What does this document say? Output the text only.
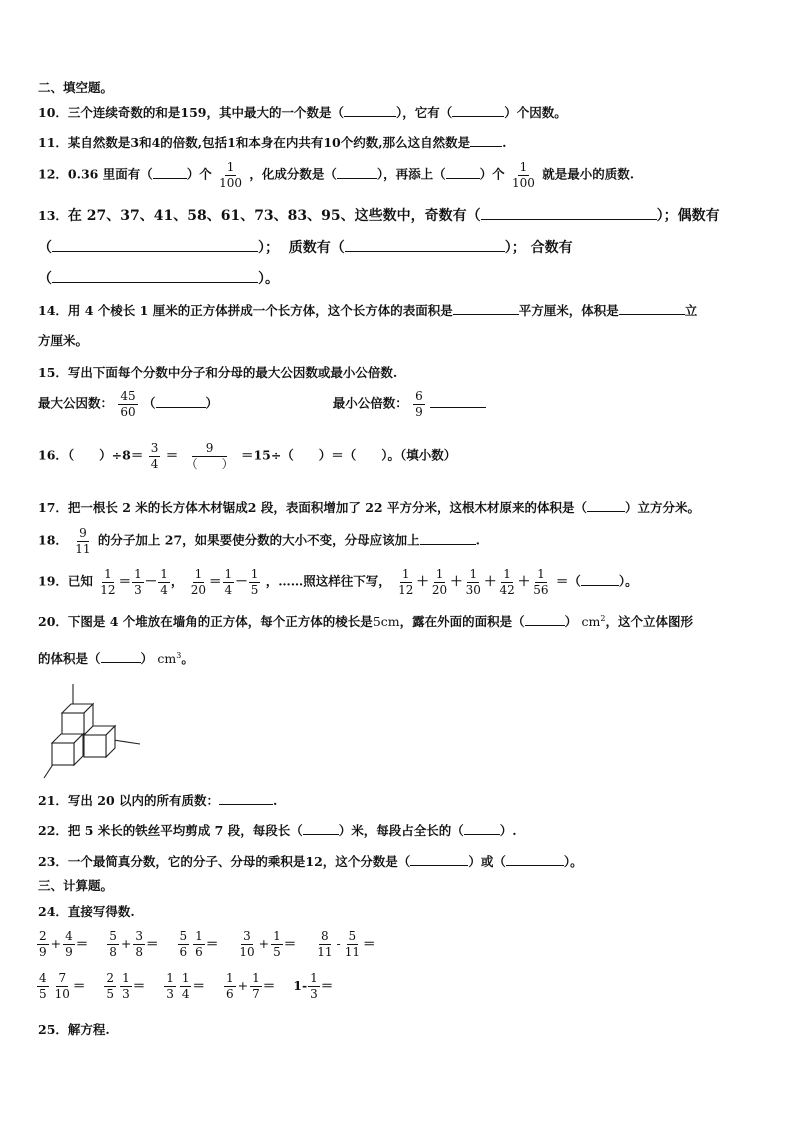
二、填空题。
10．三个连续奇数的和是159，其中最大的一个数是（	），它有（	）个因数。
11．某自然数是3和4的倍数,包括1和本身在内共有10个约数,那么这自然数是	.
12．0.36 里面有（	）个 $\frac{1}{100}$ ，化成分数是（	），再添上（	）个 $\frac{1}{100}$ 就是最小的质数.
13．在 27、37、41、58、61、73、83、95、这些数中，奇数有（	）；偶数有
（	）； 质数有（	）； 合数有
（	）。
14．用 4 个棱长 1 厘米的正方体拼成一个长方体，这个长方体的表面积是	平方厘米，体积是	立
方厘米。
15．写出下面每个分数中分子和分母的最大公因数或最小公倍数.
最大公因数： $\frac{45}{60}$ （	）	最小公倍数： $\frac{6}{9}$

16．（　　）$\div 8= \frac{3}{4}$ ＝	9
（　　）
＝15÷（　　）＝（　　）。（填小数）
17．把一根长 2 米的长方体木材锯成2 段，表面积增加了 22 平方分米，这根木材原来的体积是（	）立方分米。
18． $\frac{9}{11}$ 的分子加上 27，如果要使分数的大小不变，分母应该加上	.
19．已知 $\frac{1}{12} = \frac{1}{3} - \frac{1}{4}$ ， $\frac{1}{20} = \frac{1}{4} - \frac{1}{5}$ ，……照这样往下写， $\frac{1}{12} + \frac{1}{20} + \frac{1}{30} + \frac{1}{42} + \frac{1}{56}$ ＝（	）。
20．下图是 4 个堆放在墙角的正方体，每个正方体的棱长是5cm，露在外面的面积是（	） $cm^2$，这个立体图形
的体积是（	） $cm^3$。
21．写出 20 以内的所有质数：	.
22．把 5 米长的铁丝平均剪成 7 段，每段长（	）米，每段占全长的（	）.
23．一个最简真分数，它的分子、分母的乘积是12，这个分数是（	）或（	）。
三、计算题。
24．直接写得数.
$\frac{2}{9} + \frac{4}{9} = \frac{5}{8} + \frac{3}{8} = \frac{5}{6} \frac{1}{6} = \frac{3}{10} + \frac{1}{5} = \frac{8}{11} - \frac{5}{11}$ ＝
$\frac{4}{5} \frac{7}{10} = \frac{2}{5} \frac{1}{3} = \frac{1}{3} \frac{1}{4} = \frac{1}{6} + \frac{1}{7} = 1- \frac{1}{3}$ ＝
25．解方程.
